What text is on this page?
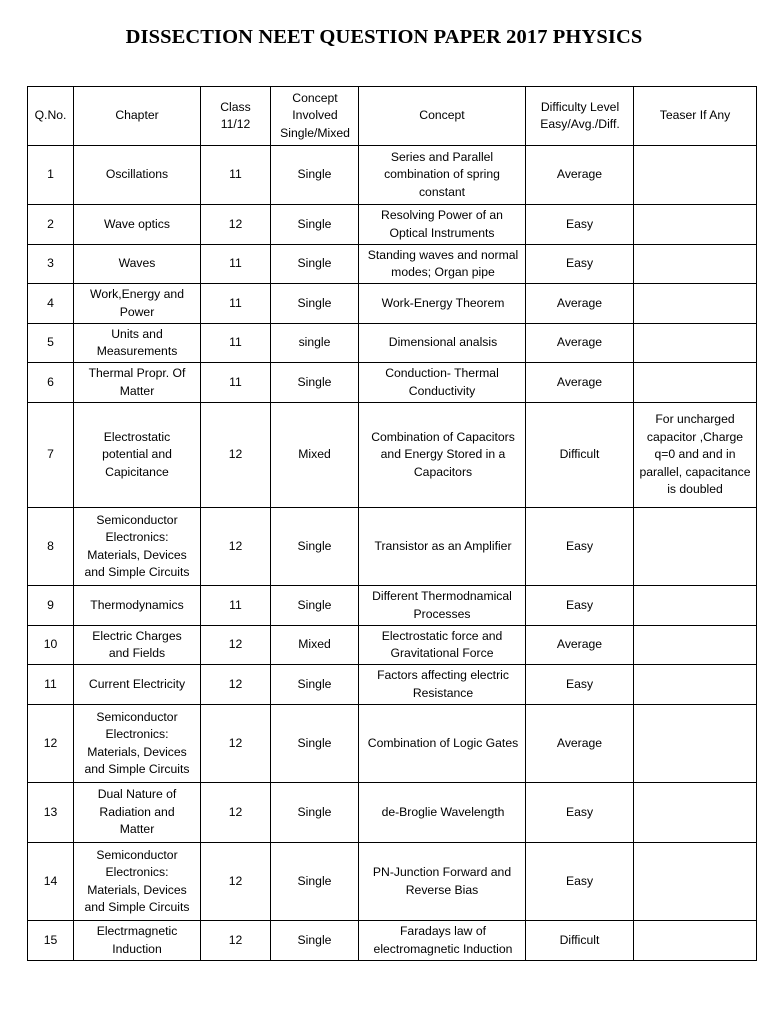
DISSECTION NEET QUESTION PAPER 2017 PHYSICS
Q.No.	Chapter	Class 11/12	Concept Involved Single/Mixed	Concept	Difficulty Level Easy/Avg./Diff.	Teaser If Any
1	Oscillations	11	Single	Series and Parallel combination of spring constant	Average	
2	Wave optics	12	Single	Resolving Power of an Optical Instruments	Easy	
3	Waves	11	Single	Standing waves and normal modes; Organ pipe	Easy	
4	Work,Energy and Power	11	Single	Work-Energy Theorem	Average	
5	Units and Measurements	11	single	Dimensional analsis	Average	
6	Thermal Propr. Of Matter	11	Single	Conduction- Thermal Conductivity	Average	
7	Electrostatic potential and Capicitance	12	Mixed	Combination of Capacitors and Energy Stored in a Capacitors	Difficult	For uncharged capacitor ,Charge q=0 and and in parallel, capacitance is doubled
8	Semiconductor Electronics: Materials, Devices and Simple Circuits	12	Single	Transistor as an Amplifier	Easy	
9	Thermodynamics	11	Single	Different Thermodnamical Processes	Easy	
10	Electric Charges and Fields	12	Mixed	Electrostatic force and Gravitational Force	Average	
11	Current Electricity	12	Single	Factors affecting electric Resistance	Easy	
12	Semiconductor Electronics: Materials, Devices and Simple Circuits	12	Single	Combination of Logic Gates	Average	
13	Dual Nature of Radiation and Matter	12	Single	de-Broglie Wavelength	Easy	
14	Semiconductor Electronics: Materials, Devices and Simple Circuits	12	Single	PN-Junction Forward and Reverse Bias	Easy	
15	Electrmagnetic Induction	12	Single	Faradays law of electromagnetic Induction	Difficult	
